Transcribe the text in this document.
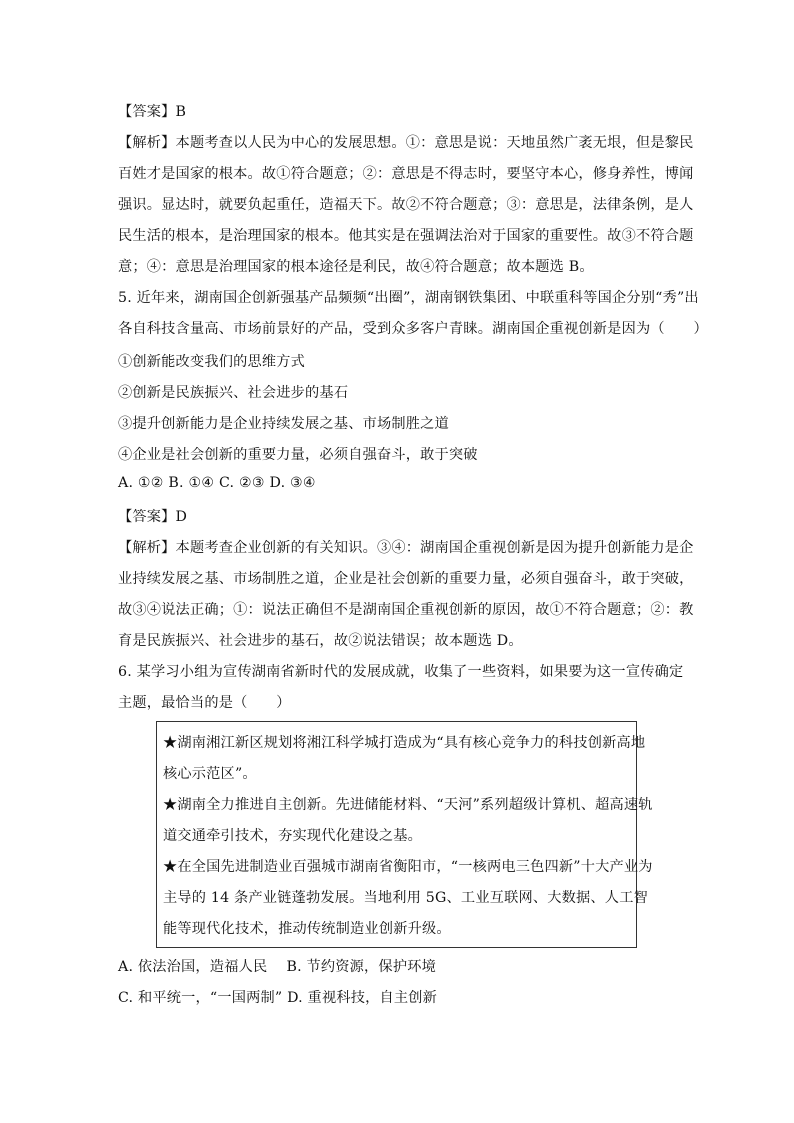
【答案】B
【解析】本题考查以人民为中心的发展思想。①：意思是说：天地虽然广袤无垠，但是黎民
百姓才是国家的根本。故①符合题意；②：意思是不得志时，要坚守本心，修身养性，博闻
强识。显达时，就要负起重任，造福天下。故②不符合题意；③：意思是，法律条例，是人
民生活的根本，是治理国家的根本。他其实是在强调法治对于国家的重要性。故③不符合题
意；④：意思是治理国家的根本途径是利民，故④符合题意；故本题选 B。
5. 近年来，湖南国企创新强基产品频频“出圈”，湖南钢铁集团、中联重科等国企分别“秀”出
各自科技含量高、市场前景好的产品，受到众多客户青睐。湖南国企重视创新是因为（　　）
①创新能改变我们的思维方式
②创新是民族振兴、社会进步的基石
③提升创新能力是企业持续发展之基、市场制胜之道
④企业是社会创新的重要力量，必须自强奋斗，敢于突破
A. ①② B. ①④ C. ②③ D. ③④
【答案】D
【解析】本题考查企业创新的有关知识。③④：湖南国企重视创新是因为提升创新能力是企
业持续发展之基、市场制胜之道，企业是社会创新的重要力量，必须自强奋斗，敢于突破，
故③④说法正确；①：说法正确但不是湖南国企重视创新的原因，故①不符合题意；②：教
育是民族振兴、社会进步的基石，故②说法错误；故本题选 D。
6. 某学习小组为宣传湖南省新时代的发展成就，收集了一些资料，如果要为这一宣传确定
主题，最恰当的是（　　）
★湖南湘江新区规划将湘江科学城打造成为“具有核心竞争力的科技创新高地
核心示范区”。
★湖南全力推进自主创新。先进储能材料、“天河”系列超级计算机、超高速轨
道交通牵引技术，夯实现代化建设之基。
★在全国先进制造业百强城市湖南省衡阳市，“一核两电三色四新”十大产业为
主导的 14 条产业链蓬勃发展。当地利用 5G、工业互联网、大数据、人工智
能等现代化技术，推动传统制造业创新升级。
A. 依法治国，造福人民　 B. 节约资源，保护环境
C. 和平统一，“一国两制” D. 重视科技，自主创新
